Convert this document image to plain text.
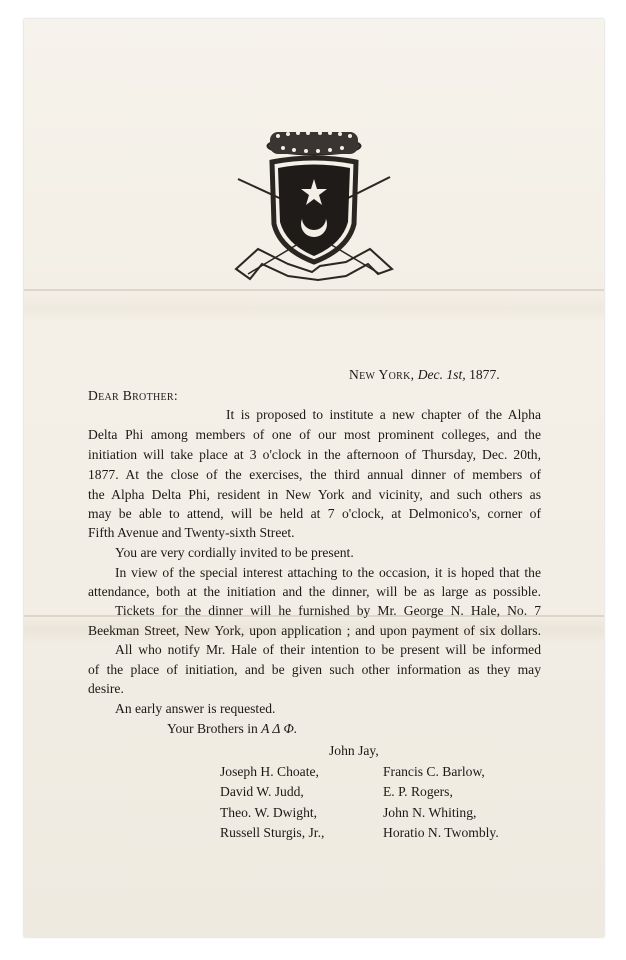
New York, Dec. 1st, 1877.
Dear Brother:
It is proposed to institute a new chapter of the Alpha
Delta Phi among members of one of our most prominent colleges, and the
initiation will take place at 3 o'clock in the afternoon of Thursday, Dec. 20th,
1877. At the close of the exercises, the third annual dinner of members of
the Alpha Delta Phi, resident in New York and vicinity, and such others as
may be able to attend, will be held at 7 o'clock, at Delmonico's, corner of
Fifth Avenue and Twenty-sixth Street.
You are very cordially invited to be present.
In view of the special interest attaching to the occasion, it is hoped that the
attendance, both at the initiation and the dinner, will be as large as possible.
Tickets for the dinner will he furnished by Mr. George N. Hale, No. 7
Beekman Street, New York, upon application ; and upon payment of six dollars.
All who notify Mr. Hale of their intention to be present will be informed
of the place of initiation, and be given such other information as they may
desire.
An early answer is requested.
Your Brothers in Α Δ Φ.
John Jay,
Joseph H. Choate,
David W. Judd,
Theo. W. Dwight,
Russell Sturgis, Jr.,
Francis C. Barlow,
E. P. Rogers,
John N. Whiting,
Horatio N. Twombly.
